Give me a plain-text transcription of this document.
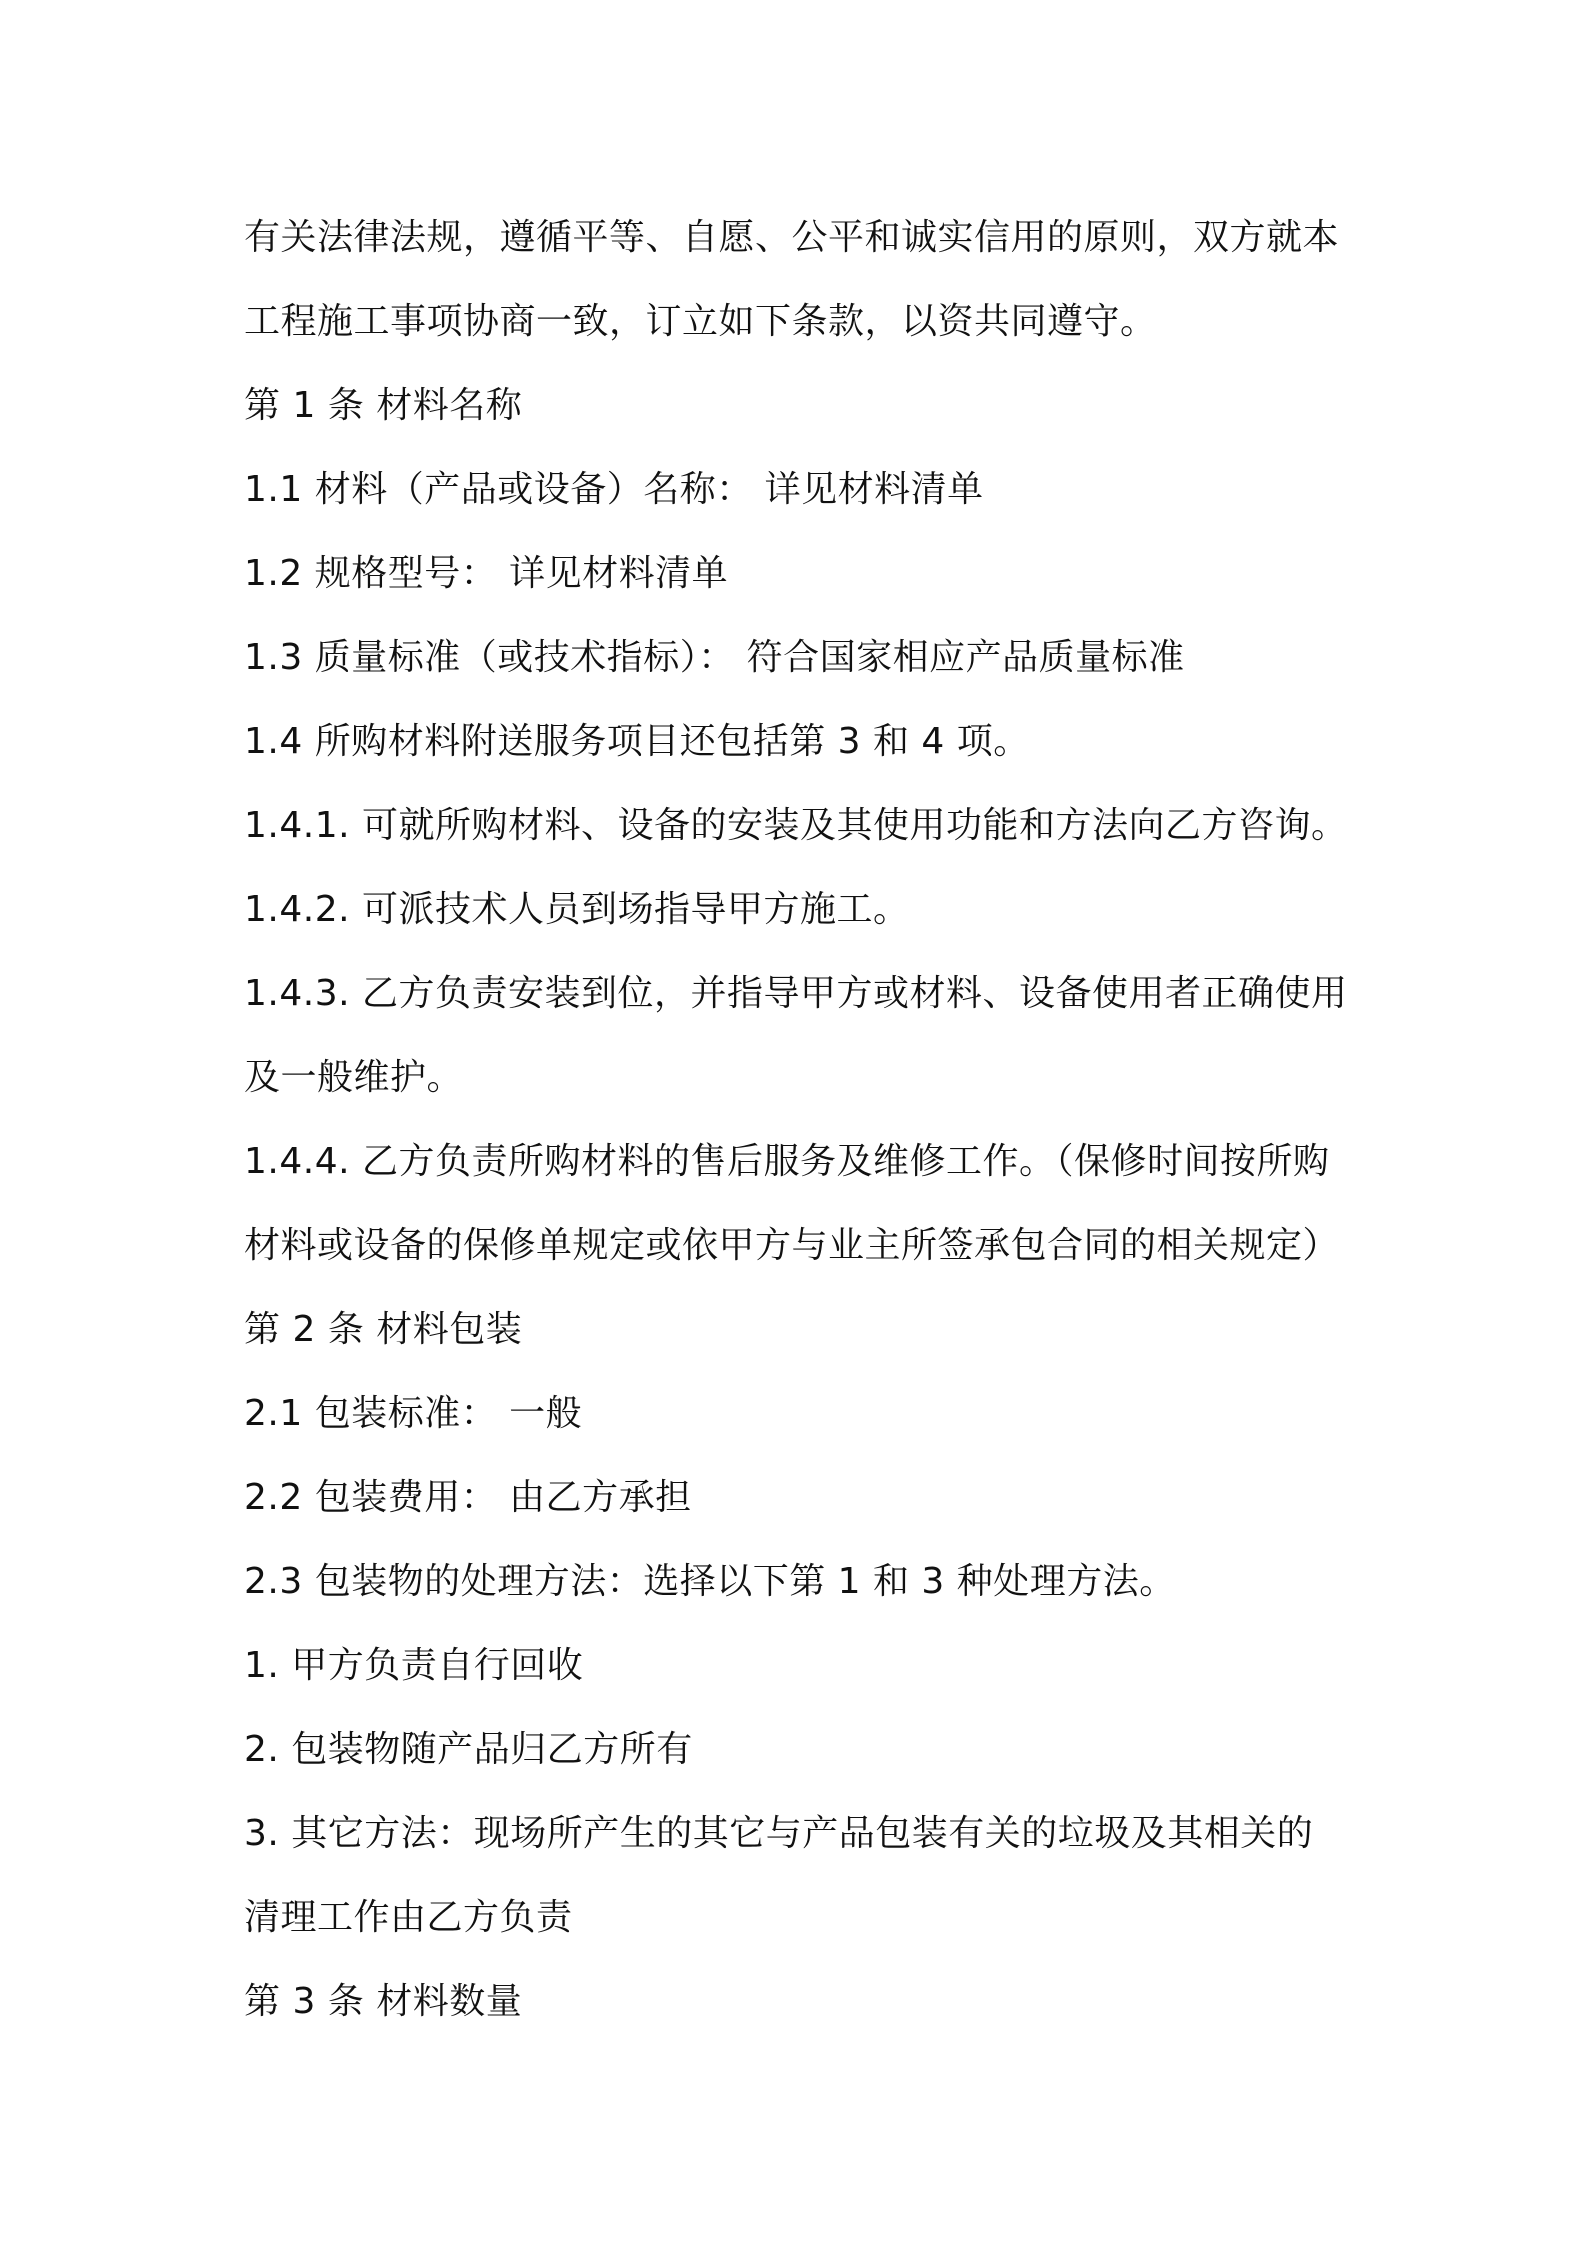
有关法律法规，遵循平等、自愿、公平和诚实信用的原则，双方就本
工程施工事项协商一致，订立如下条款，以资共同遵守。
第 1 条 材料名称
1.1 材料（产品或设备）名称： 详见材料清单
1.2 规格型号： 详见材料清单
1.3 质量标准（或技术指标）： 符合国家相应产品质量标准
1.4 所购材料附送服务项目还包括第 3 和 4 项。
1.4.1. 可就所购材料、设备的安装及其使用功能和方法向乙方咨询。
1.4.2. 可派技术人员到场指导甲方施工。
1.4.3. 乙方负责安装到位，并指导甲方或材料、设备使用者正确使用
及一般维护。
1.4.4. 乙方负责所购材料的售后服务及维修工作。（保修时间按所购
材料或设备的保修单规定或依甲方与业主所签承包合同的相关规定）
第 2 条 材料包装
2.1 包装标准： 一般
2.2 包装费用： 由乙方承担
2.3 包装物的处理方法：选择以下第 1 和 3 种处理方法。
1. 甲方负责自行回收
2. 包装物随产品归乙方所有
3. 其它方法：现场所产生的其它与产品包装有关的垃圾及其相关的
清理工作由乙方负责
第 3 条 材料数量
